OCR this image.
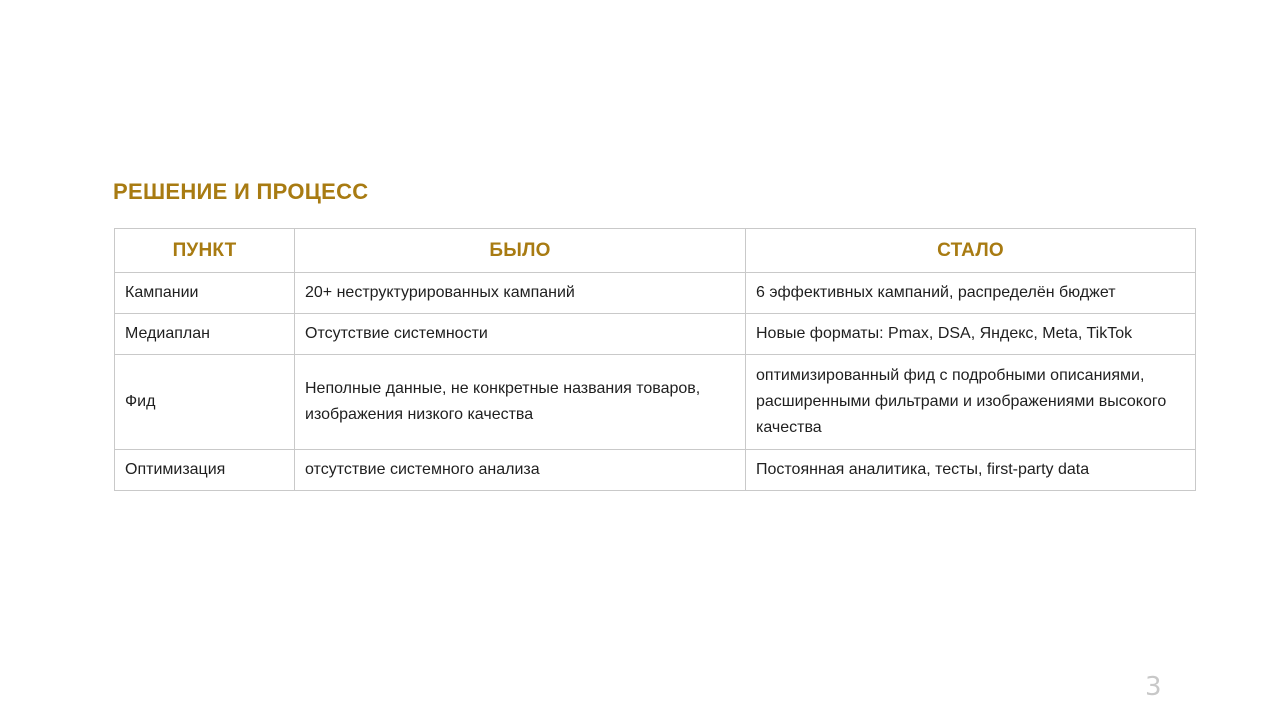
РЕШЕНИЕ И ПРОЦЕСС
ПУНКТ	БЫЛО	СТАЛО
Кампании	20+ неструктурированных кампаний	6 эффективных кампаний, распределён бюджет
Медиаплан	Отсутствие системности	Новые форматы: Pmax, DSA, Яндекс, Meta, TikTok
Фид	Неполные данные, не конкретные названия товаров, изображения низкого качества	оптимизированный фид с подробными описаниями, расширенными фильтрами и изображениями высокого качества
Оптимизация	отсутствие системного анализа	Постоянная аналитика, тесты, first-party data
3
